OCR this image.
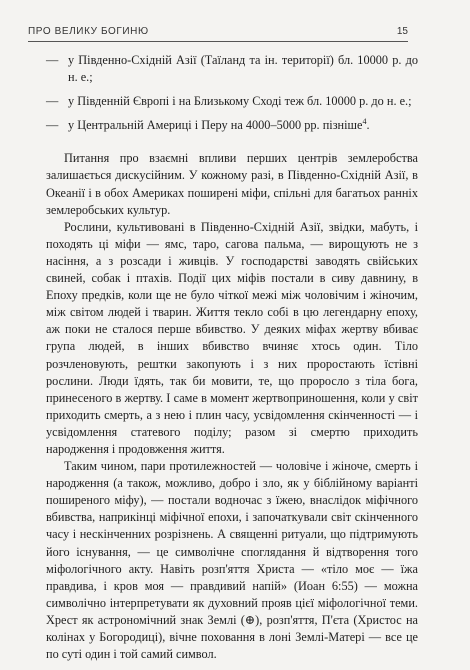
ПРО ВЕЛИКУ БОГИНЮ	15

— у Південно-Східній Азії (Таїланд та ін. території) бл. 10000 р. до н. е.;

— у Південній Європі і на Близькому Сході теж бл. 10000 р. до н. е.;

— у Центральній Америці і Перу на 4000–5000 рр. пізніше$^4$.

Питання про взаємні впливи перших центрів землеробства залишається дискусійним. У кожному разі, в Південно-Східній Азії, в Океанії і в обох Америках поширені міфи, спільні для багатьох ранніх землеробських культур.

Рослини, культивовані в Південно-Східній Азії, звідки, мабуть, і походять ці міфи — ямс, таро, сагова пальма, — вирощують не з насіння, а з розсади і живців. У господарстві заводять свійських свиней, собак і птахів. Події цих міфів постали в сиву давнину, в Епоху предків, коли ще не було чіткої межі між чоловічим і жіночим, між світом людей і тварин. Життя текло собі в цю легендарну епоху, аж поки не сталося перше вбивство. У деяких міфах жертву вбиває група людей, в інших вбивство вчиняє хтось один. Тіло розчленовують, рештки закопують і з них проростають їстівні рослини. Люди їдять, так би мовити, те, що проросло з тіла бога, принесеного в жертву. І саме в момент жертвоприношення, коли у світ приходить смерть, а з нею і плин часу, усвідомлення скінченності — і усвідомлення статевого поділу; разом зі смертю приходить народження і продовження життя.

Таким чином, пари протилежностей — чоловіче і жіноче, смерть і народження (а також, можливо, добро і зло, як у біблійному варіанті поширеного міфу), — постали водночас з їжею, внаслідок міфічного вбивства, наприкінці міфічної епохи, і започаткували світ скінченного часу і нескінченних розрізнень. А священні ритуали, що підтримують його існування, — це символічне споглядання й відтворення того міфологічного акту. Навіть розп'яття Христа — «тіло моє — їжа правдива, і кров моя — правдивий напій» (Иоан 6:55) — можна символічно інтерпретувати як духовний прояв цієї міфологічної теми. Хрест як астрономічний знак Землі (⊕), розп'яття, П'єта (Христос на колінах у Богородиці), вічне поховання в лоні Землі-Матері — все це по суті один і той самий символ.
